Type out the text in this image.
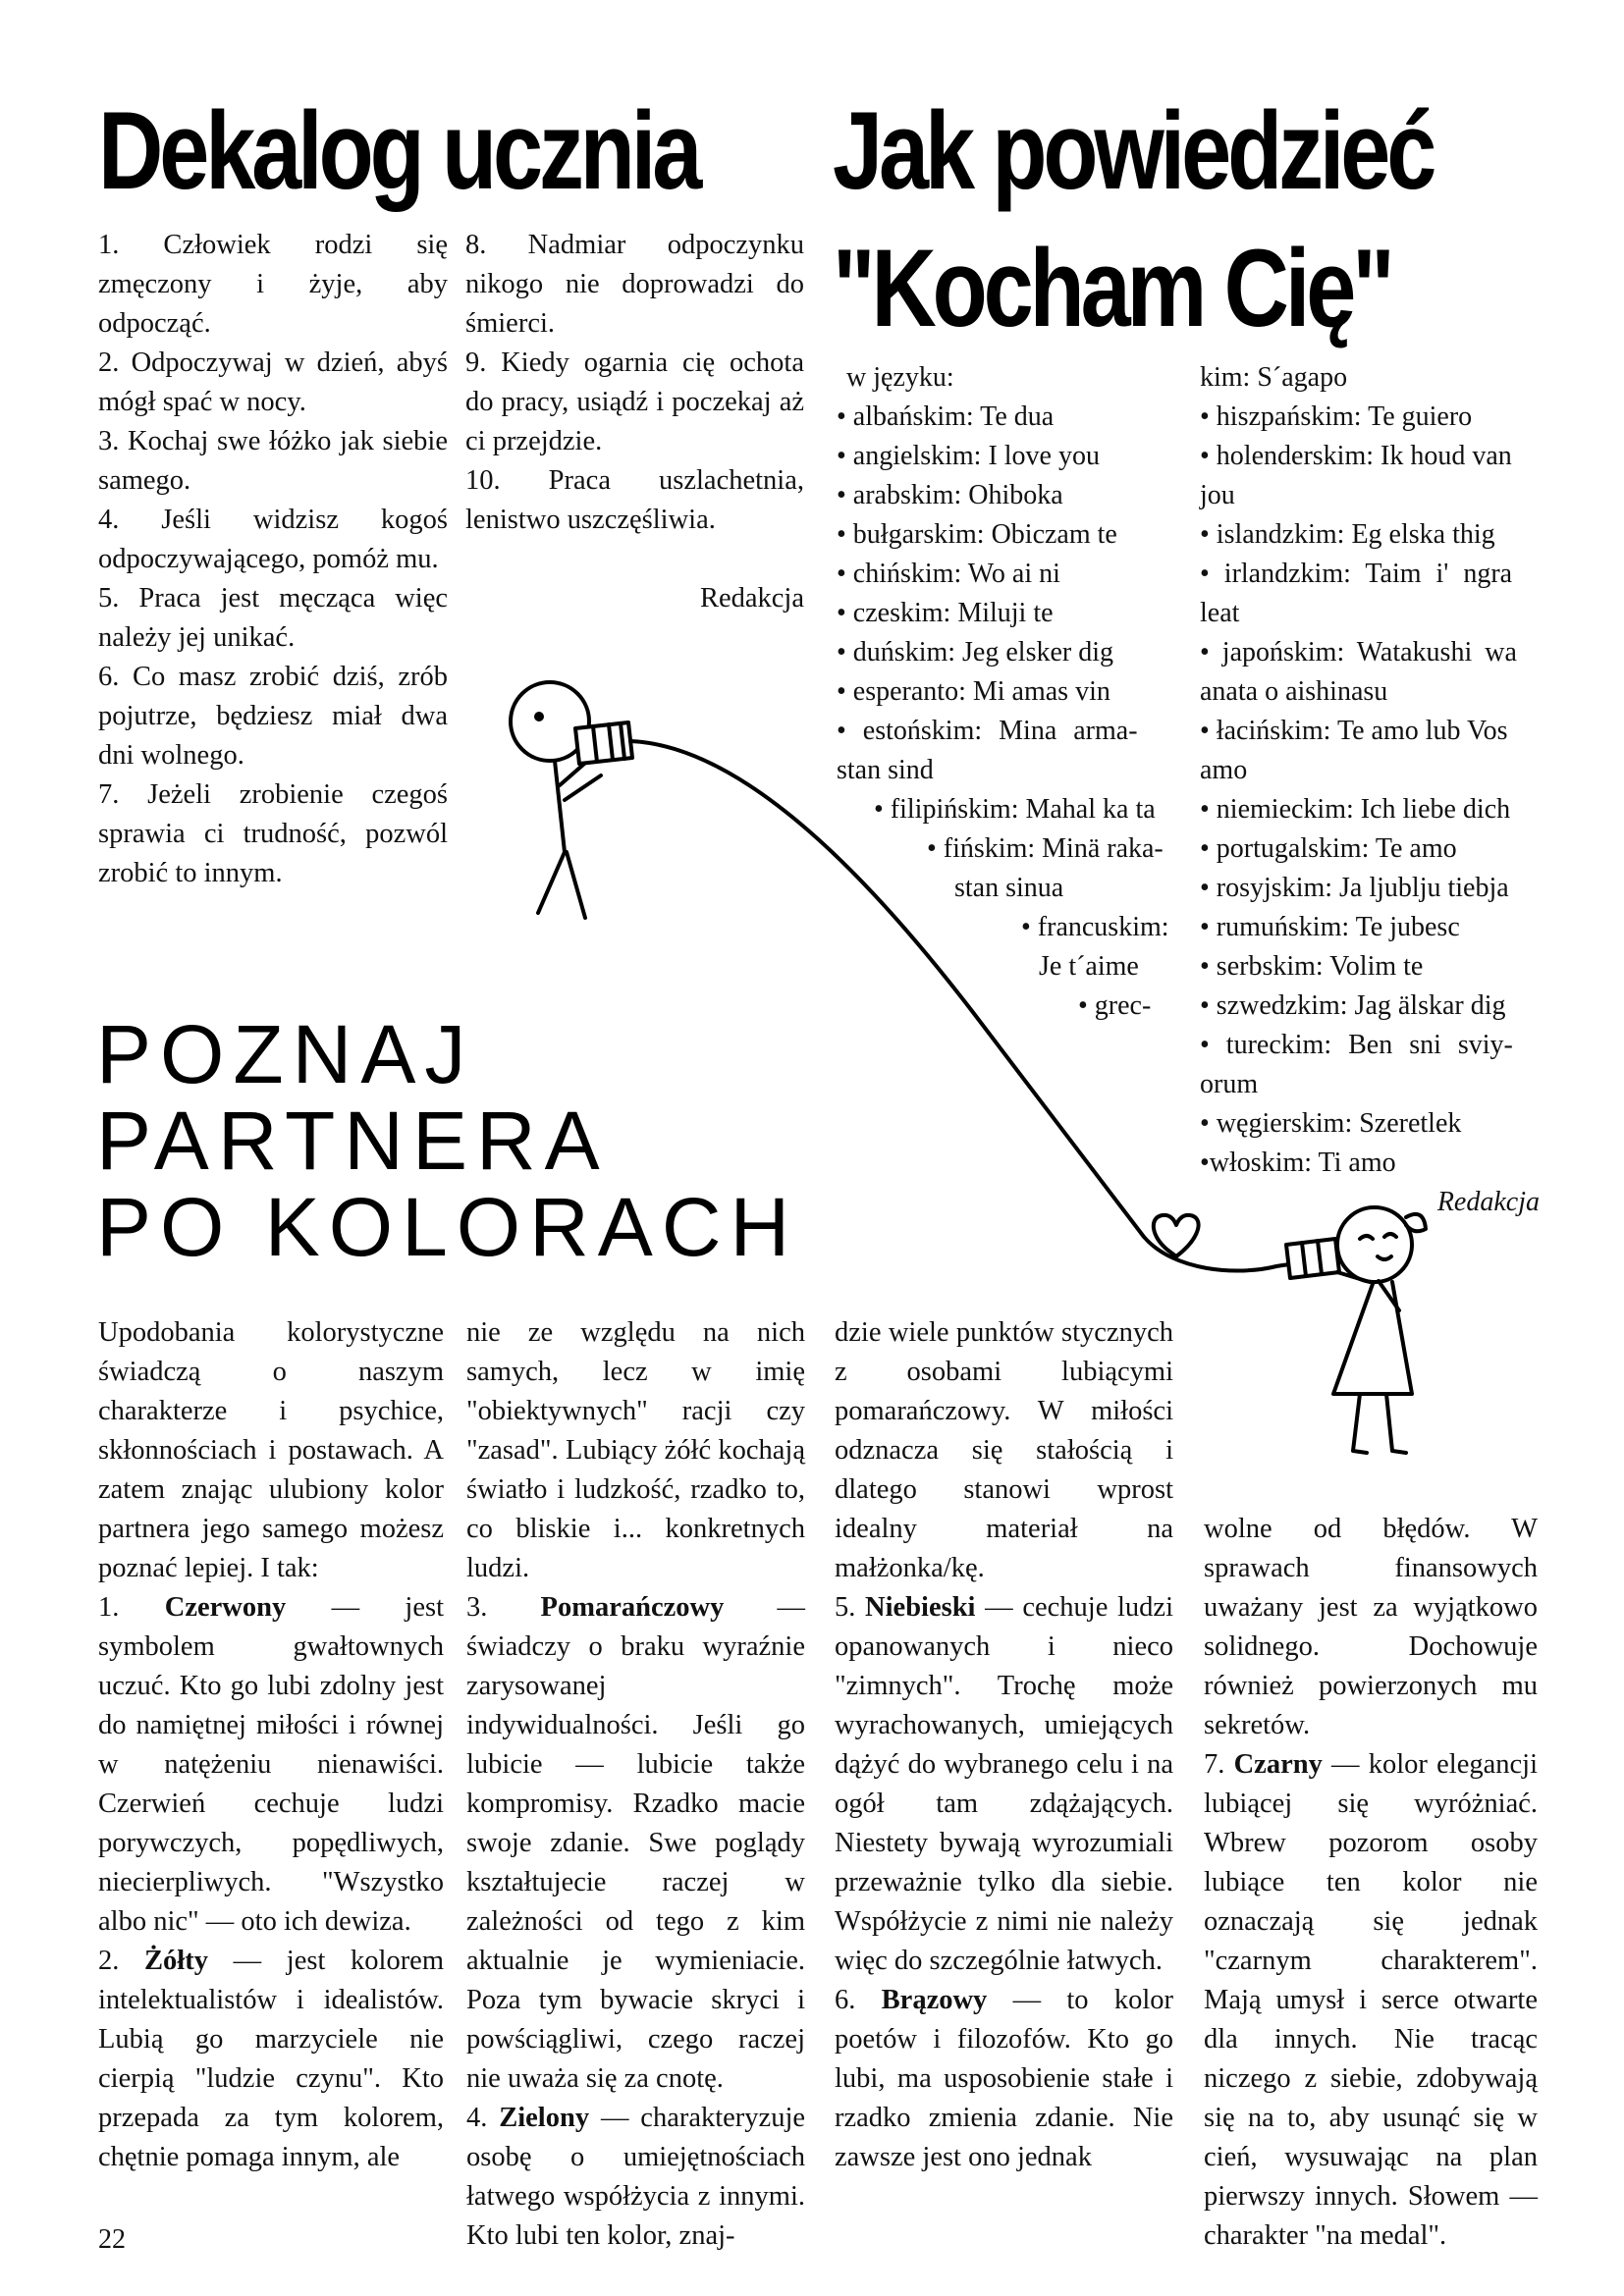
Dekalog ucznia Jak powiedzieć
"Kocham Cię"

1. Człowiek rodzi się zmęczony i żyje, aby odpocząć.

2. Odpoczywaj w dzień, abyś mógł spać w nocy.

3. Kochaj swe łóżko jak siebie samego.

4. Jeśli widzisz kogoś odpoczywającego, pomóż mu.

5. Praca jest męcząca więc należy jej unikać.

6. Co masz zrobić dziś, zrób pojutrze, będziesz miał dwa dni wolnego.

7. Jeżeli zrobienie czegoś sprawia ci trudność, pozwól zrobić to innym.

8. Nadmiar odpoczynku nikogo nie doprowadzi do śmierci.

9. Kiedy ogarnia cię ochota do pracy, usiądź i poczekaj aż ci przejdzie.

10. Praca uszlachetnia, lenistwo uszczęśliwia.

Redakcja

w języku:
• albańskim: Te dua
• angielskim: I love you
• arabskim: Ohiboka
• bułgarskim: Obiczam te
• chińskim: Wo ai ni
• czeskim: Miluji te
• duńskim: Jeg elsker dig
• esperanto: Mi amas vin
• estońskim: Mina arma-
stan sind
• filipińskim: Mahal ka ta
• fińskim: Minä raka-
stan sinua
• francuskim:
Je t´aime
• grec-
kim: S´agapo
• hiszpańskim: Te guiero
• holenderskim: Ik houd van
jou
• islandzkim: Eg elska thig
• irlandzkim: Taim i' ngra
leat
• japońskim: Watakushi wa
anata o aishinasu
• łacińskim: Te amo lub Vos
amo
• niemieckim: Ich liebe dich
• portugalskim: Te amo
• rosyjskim: Ja ljublju tiebja
• rumuńskim: Te jubesc
• serbskim: Volim te
• szwedzkim: Jag älskar dig
• tureckim: Ben sni sviy-
orum
• węgierskim: Szeretlek
•włoskim: Ti amo
Redakcja
POZNAJ
PARTNERA
PO KOLORACH

Upodobania kolorystyczne świadczą o naszym charakterze i psychice, skłonnościach i postawach. A zatem znając ulubiony kolor partnera jego samego możesz poznać lepiej. I tak:

1. Czerwony — jest symbolem gwałtownych uczuć. Kto go lubi zdolny jest do namiętnej miłości i równej w natężeniu nienawiści. Czerwień cechuje ludzi porywczych, popędliwych, niecierpliwych. "Wszystko albo nic" — oto ich dewiza.

2. Żółty — jest kolorem intelektualistów i idealistów. Lubią go marzyciele nie cierpią "ludzie czynu". Kto przepada za tym kolorem, chętnie pomaga innym, ale

nie ze względu na nich samych, lecz w imię "obiektywnych" racji czy "zasad". Lubiący żółć kochają światło i ludzkość, rzadko to, co bliskie i... konkretnych ludzi.

3. Pomarańczowy — świadczy o braku wyraźnie zarysowanej indywidualności. Jeśli go lubicie — lubicie także kompromisy. Rzadko macie swoje zdanie. Swe poglądy kształtujecie raczej w zależności od tego z kim aktualnie je wymieniacie. Poza tym bywacie skryci i powściągliwi, czego raczej nie uważa się za cnotę.

4. Zielony — charakteryzuje osobę o umiejętnościach łatwego współżycia z innymi. Kto lubi ten kolor, znaj-

dzie wiele punktów stycznych z osobami lubiącymi pomarańczowy. W miłości odznacza się stałością i dlatego stanowi wprost idealny materiał na małżonka/kę.

5. Niebieski — cechuje ludzi opanowanych i nieco "zimnych". Trochę może wyrachowanych, umiejących dążyć do wybranego celu i na ogół tam zdążających. Niestety bywają wyrozumiali przeważnie tylko dla siebie. Współżycie z nimi nie należy więc do szczególnie łatwych.

6. Brązowy — to kolor poetów i filozofów. Kto go lubi, ma usposobienie stałe i rzadko zmienia zdanie. Nie zawsze jest ono jednak

wolne od błędów. W sprawach finansowych uważany jest za wyjątkowo solidnego. Dochowuje również powierzonych mu sekretów.

7. Czarny — kolor elegancji lubiącej się wyróżniać. Wbrew pozorom osoby lubiące ten kolor nie oznaczają się jednak "czarnym charakterem". Mają umysł i serce otwarte dla innych. Nie tracąc niczego z siebie, zdobywają się na to, aby usunąć się w cień, wysuwając na plan pierwszy innych. Słowem — charakter "na medal".

22
